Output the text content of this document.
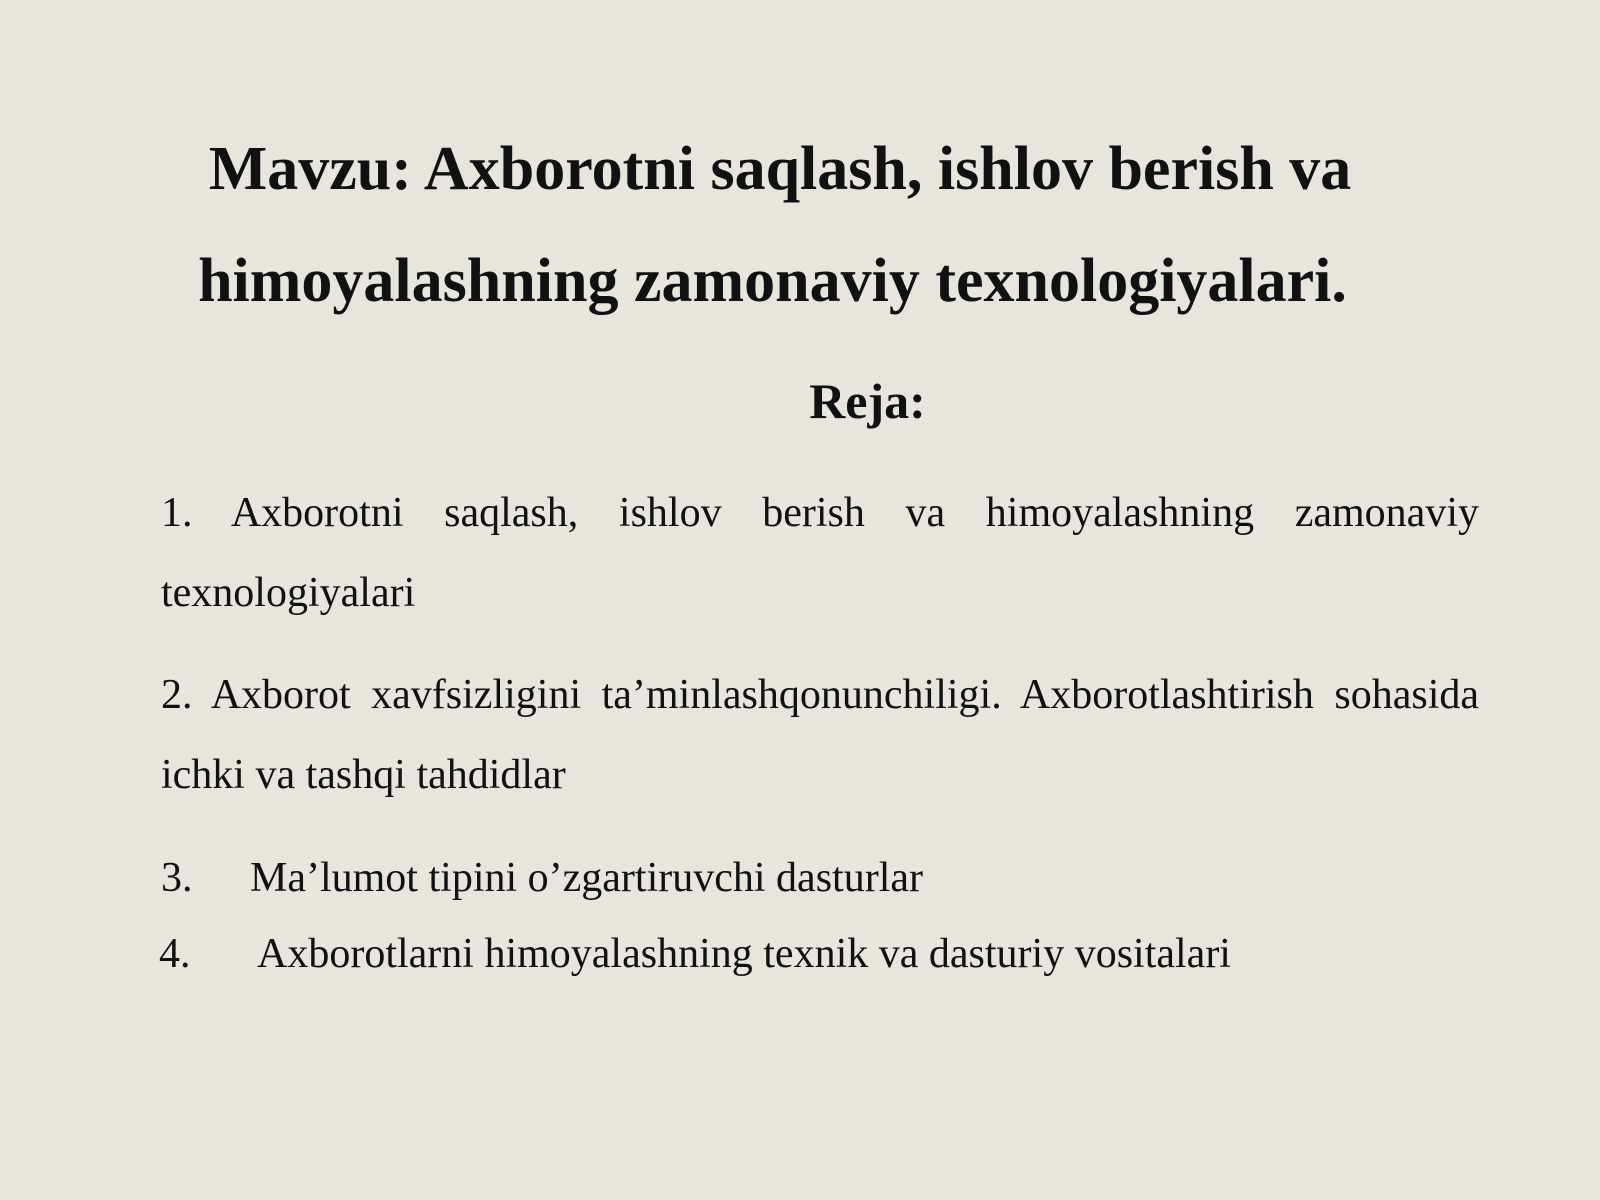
Mavzu: Axborotni saqlash, ishlov berish va
himoyalashning zamonaviy texnologiyalari.
Reja:
1. Axborotni saqlash, ishlov berish va himoyalashning zamonaviy texnologiyalari
2. Axborot xavfsizligini ta’minlashqonunchiligi. Axborotlashtirish sohasida ichki va tashqi tahdidlar
3. Ma’lumot tipini o’zgartiruvchi dasturlar
4. Axborotlarni himoyalashning texnik va dasturiy vositalari
